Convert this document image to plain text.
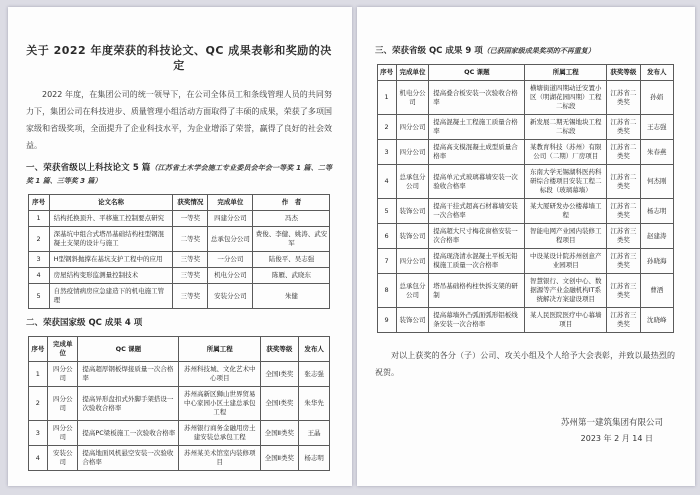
关于 2022 年度荣获的科技论文、QC 成果表彰和奖励的决定
2022 年度，在集团公司的统一领导下，在公司全体员工和条线管理人员的共同努力下，集团公司在科技进步、质量管理小组活动方面取得了丰硕的成果，荣获了多项国家级和省级奖项，全面提升了企业科技水平，为企业增添了荣誉，赢得了良好的社会效益。
一、荣获省级以上科技论文 5 篇（江苏省土木学会施工专业委员会年会一等奖 1 篇、二等奖 1 篇、三等奖 3 篇）
序号	论文名称	获奖情况	完成单位	作　者
1	结构托换顶升、平移施工控制要点研究	一等奖	四建分公司	冯杰
2	深基坑中组合式塔吊基础结构柱型钢混凝土支架的设计与施工	二等奖	总承包分公司	费俊、李健、姚涛、武安军
3	H型钢斜抛撑在基坑支护工程中的应用	三等奖	一分公司	陆俊平、吴志强
4	房屋结构变形监测量控制技术	三等奖	机电分公司	陈雁、武晓东
5	自然疫情病房应急建造下的机电施工管理	三等奖	安装分公司	朱健
二、荣获国家级 QC 成果 4 项
序号	完成单位	QC 课题	所属工程	获奖等级	发布人
1	四分公司	提高超厚钢板焊接质量一次合格率	苏州科技城、文化艺术中心项目	全国Ⅰ类奖	张志强
2	四分公司	提高异形盘扣式外脚手架搭设一次验收合格率	苏州高新区狮山世界贸易中心家园小区土建总承包工程	全国Ⅰ类奖	朱华先
3	四分公司	提高PC梁板施工一次验收合格率	苏州银行商务金融用房土建安装总承包工程	全国Ⅱ类奖	王晶
4	安装公司	提高地面风机悬空安装一次验收合格率	苏州某美术馆室内装修项目	全国Ⅱ类奖	杨志明
三、荣获省级 QC 成果 9 项（已获国家级成果奖项的不再重复）
序号	完成单位	QC 课题	所属工程	获奖等级	发布人
1	机电分公司	提高叠合板安装一次验收合格率	横塘街道四期动迁安置小区（明湖花园四期）工程二标段	江苏省二类奖	孙娟
2	四分公司	提高混凝土工程施工质量合格率	新发展二期无锡地块工程二标段	江苏省二类奖	王志强
3	四分公司	提高高支模混凝土成型质量合格率	某教育科技（苏州）有限公司（二期）厂房项目	江苏省二类奖	朱春燕
4	总承包分公司	提高单元式玻璃幕墙安装一次验收合格率	东南大学无锡湖科医药科研综合楼项目安装工程二标段（玻璃幕墙）	江苏省二类奖	何杰刚
5	装饰公司	提高干挂式超高石材幕墙安装一次合格率	某大厦研发办公楼幕墙工程	江苏省二类奖	杨志明
6	装饰公司	提高超大尺寸梅花窗格安装一次合格率	智能电网产业园内装修工程项目	江苏省三类奖	赵建涛
7	四分公司	提高现浇清水混凝土平板无铅模施工质量一次合格率	中设某设计院苏州创意产业园项目	江苏省三类奖	孙晓海
8	总承包分公司	塔吊基础格构柱快拆支架的研制	智慧银行、文创中心、数据源等产业金融机构IT系统解决方案建设项目	江苏省三类奖	曹洒
9	装饰公司	提高幕墙外凸弧面弧形铝板线条安装一次合格率	某人民医院医疗中心幕墙项目	江苏省三类奖	沈晓峰
对以上获奖的各分（子）公司、攻关小组及个人给予大会表彰，并致以最热烈的祝贺。
苏州第一建筑集团有限公司
2023 年 2 月 14 日
